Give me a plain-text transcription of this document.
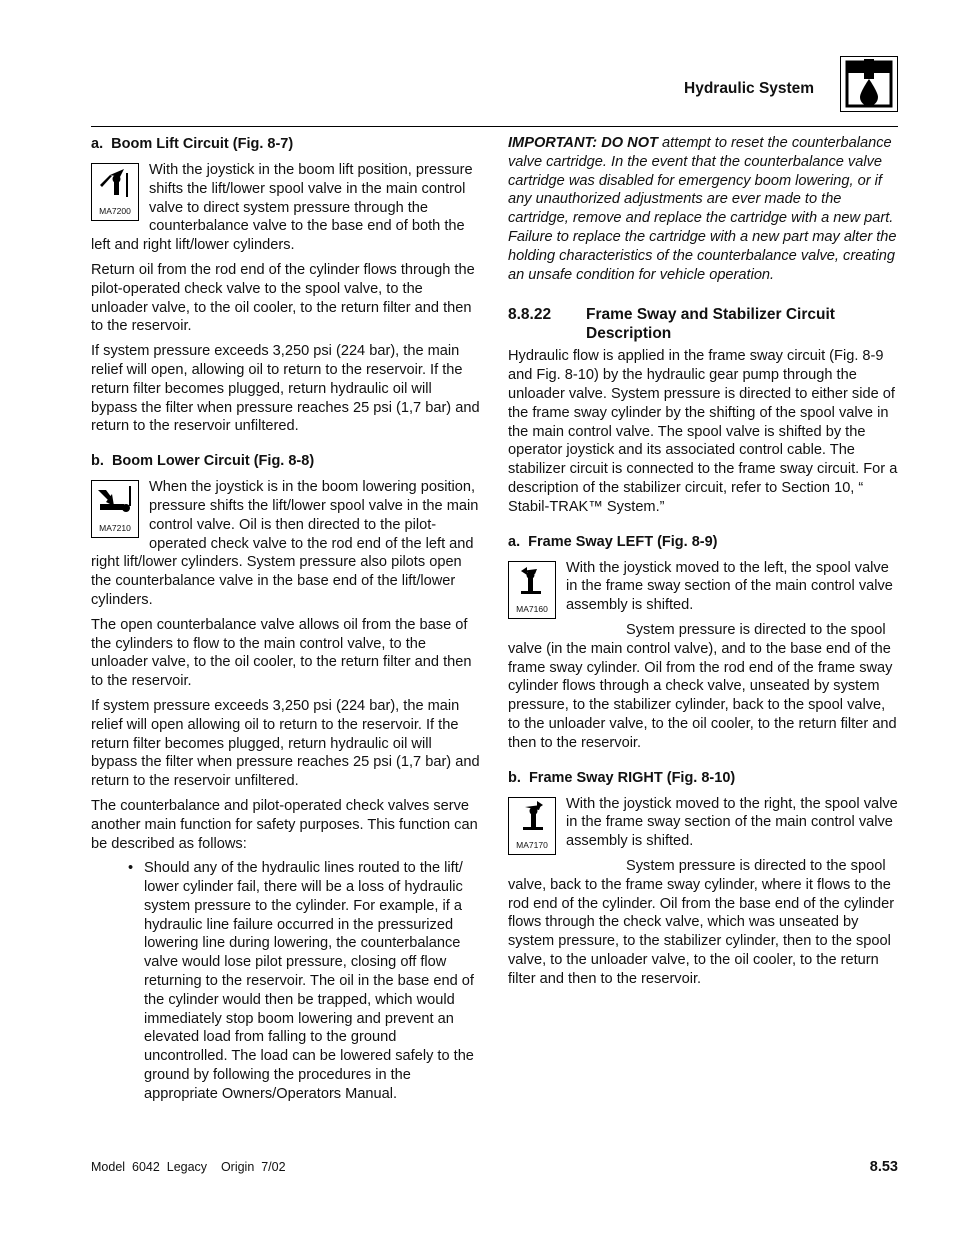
Hydraulic System

a.  Boom Lift Circuit (Fig. 8-7)

MA7200

With the joystick in the boom lift position, pressure shifts the lift/lower spool valve in the main control valve to direct system pressure through the counterbalance valve to the base end of both the left and right lift/lower cylinders.

Return oil from the rod end of the cylinder flows through the pilot-operated check valve to the spool valve, to the unloader valve, to the oil cooler, to the return filter and then to the reservoir.

If system pressure exceeds 3,250 psi (224 bar), the main relief will open, allowing oil to return to the reservoir. If the return filter becomes plugged, return hydraulic oil will bypass the filter when pressure reaches 25 psi (1,7 bar) and return to the reservoir unfiltered.

b.  Boom Lower Circuit (Fig. 8-8)

MA7210

When the joystick is in the boom lowering position, pressure shifts the lift/lower spool valve in the main control valve. Oil is then directed to the pilot-operated check valve to the rod end of the left and right lift/lower cylinders. System pressure also pilots open the counterbalance valve in the base end of the lift/lower cylinders.

The open counterbalance valve allows oil from the base of the cylinders to flow to the main control valve, to the unloader valve, to the oil cooler, to the return filter and then to the reservoir.

If system pressure exceeds 3,250 psi (224 bar), the main relief will open allowing oil to return to the reservoir. If the return filter becomes plugged, return hydraulic oil will bypass the filter when pressure reaches 25 psi (1,7 bar) and return to the reservoir unfiltered.

The counterbalance and pilot-operated check valves serve another main function for safety purposes. This function can be described as follows:

• Should any of the hydraulic lines routed to the lift/ lower cylinder fail, there will be a loss of hydraulic system pressure to the cylinder. For example, if a hydraulic line failure occurred in the pressurized lowering line during lowering, the counterbalance valve would lose pilot pressure, closing off flow returning to the reservoir. The oil in the base end of the cylinder would then be trapped, which would immediately stop boom lowering and prevent an elevated load from falling to the ground uncontrolled. The load can be lowered safely to the ground by following the procedures in the appropriate Owners/Operators Manual.

IMPORTANT: DO NOT attempt to reset the counterbalance valve cartridge. In the event that the counterbalance valve cartridge was disabled for emergency boom lowering, or if any unauthorized adjustments are ever made to the cartridge, remove and replace the cartridge with a new part. Failure to replace the cartridge with a new part may alter the holding characteristics of the counterbalance valve, creating an unsafe condition for vehicle operation.

8.8.22 Frame Sway and Stabilizer Circuit Description

Hydraulic flow is applied in the frame sway circuit (Fig. 8-9 and Fig. 8-10) by the hydraulic gear pump through the unloader valve. System pressure is directed to either side of the frame sway cylinder by the shifting of the spool valve in the main control valve. The spool valve is shifted by the operator joystick and its associated control cable. The stabilizer circuit is connected to the frame sway circuit. For a description of the stabilizer circuit, refer to Section 10, “ Stabil-TRAK™ System.”

a.  Frame Sway LEFT (Fig. 8-9)

MA7160

With the joystick moved to the left, the spool valve in the frame sway section of the main control valve assembly is shifted.

System pressure is directed to the spool valve (in the main control valve), and to the base end of the frame sway cylinder. Oil from the rod end of the frame sway cylinder flows through a check valve, unseated by system pressure, to the stabilizer cylinder, back to the spool valve, to the unloader valve, to the oil cooler, to the return filter and then to the reservoir.

b.  Frame Sway RIGHT (Fig. 8-10)

MA7170

With the joystick moved to the right, the spool valve in the frame sway section of the main control valve assembly is shifted.

System pressure is directed to the spool valve, back to the frame sway cylinder, where it flows to the rod end of the cylinder. Oil from the base end of the cylinder flows through the check valve, which was unseated by system pressure, to the stabilizer cylinder, then to the spool valve, to the unloader valve, to the oil cooler, to the return filter and then to the reservoir.

Model  6042  Legacy    Origin  7/02	8.53
